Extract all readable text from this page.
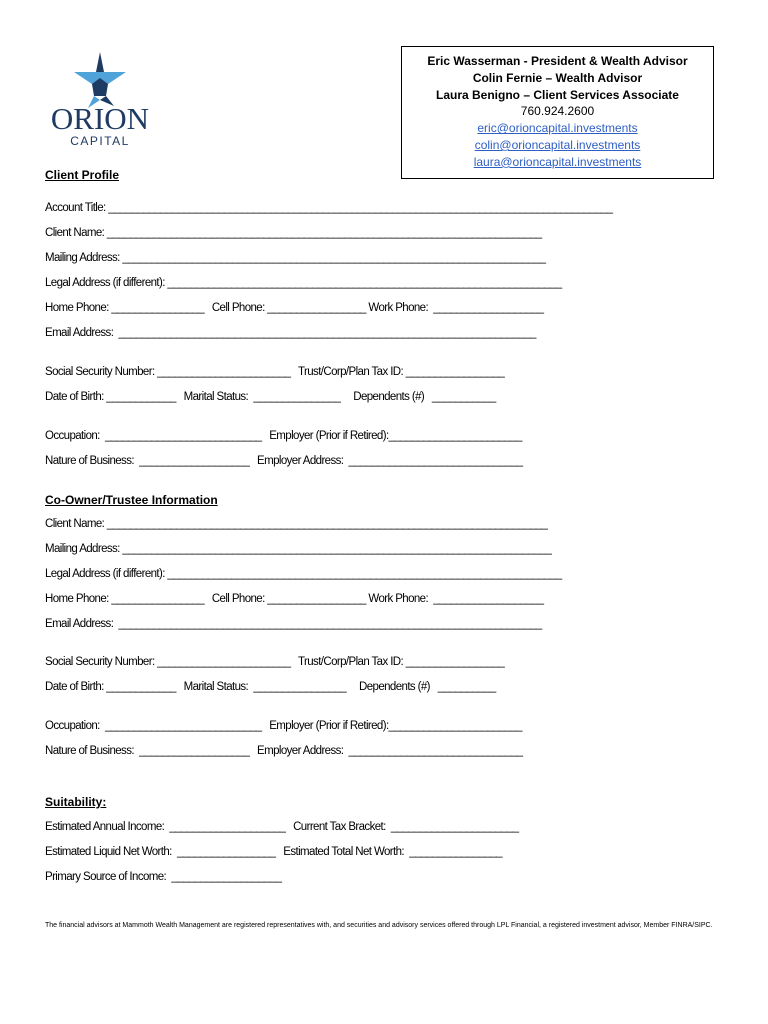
ORION
CAPITAL
Eric Wasserman - President & Wealth Advisor
Colin Fernie – Wealth Advisor
Laura Benigno – Client Services Associate
760.924.2600
eric@orioncapital.investments
colin@orioncapital.investments
laura@orioncapital.investments
Client Profile
Account Title: _______________________________________________________________________________________
Client Name: ___________________________________________________________________________
Mailing Address: _________________________________________________________________________
Legal Address (if different): ____________________________________________________________________
Home Phone: ________________   Cell Phone: _________________ Work Phone:  ___________________
Email Address:  ________________________________________________________________________
Social Security Number: _______________________   Trust/Corp/Plan Tax ID: _________________
Date of Birth: ____________   Marital Status:  _______________     Dependents (#)   ___________
Occupation:  ___________________________   Employer (Prior if Retired):_______________________
Nature of Business:  ___________________   Employer Address:  ______________________________
Co-Owner/Trustee Information
Client Name: ____________________________________________________________________________
Mailing Address: __________________________________________________________________________
Legal Address (if different): ____________________________________________________________________
Home Phone: ________________   Cell Phone: _________________ Work Phone:  ___________________
Email Address:  _________________________________________________________________________
Social Security Number: _______________________   Trust/Corp/Plan Tax ID: _________________
Date of Birth: ____________   Marital Status:  ________________     Dependents (#)   __________
Occupation:  ___________________________   Employer (Prior if Retired):_______________________
Nature of Business:  ___________________   Employer Address:  ______________________________
Suitability:
Estimated Annual Income:  ____________________   Current Tax Bracket:  ______________________
Estimated Liquid Net Worth:  _________________   Estimated Total Net Worth:  ________________
Primary Source of Income:  ___________________
The financial advisors at Mammoth Wealth Management are registered representatives with, and securities and advisory services offered through LPL Financial, a registered investment advisor, Member FINRA/SIPC.
